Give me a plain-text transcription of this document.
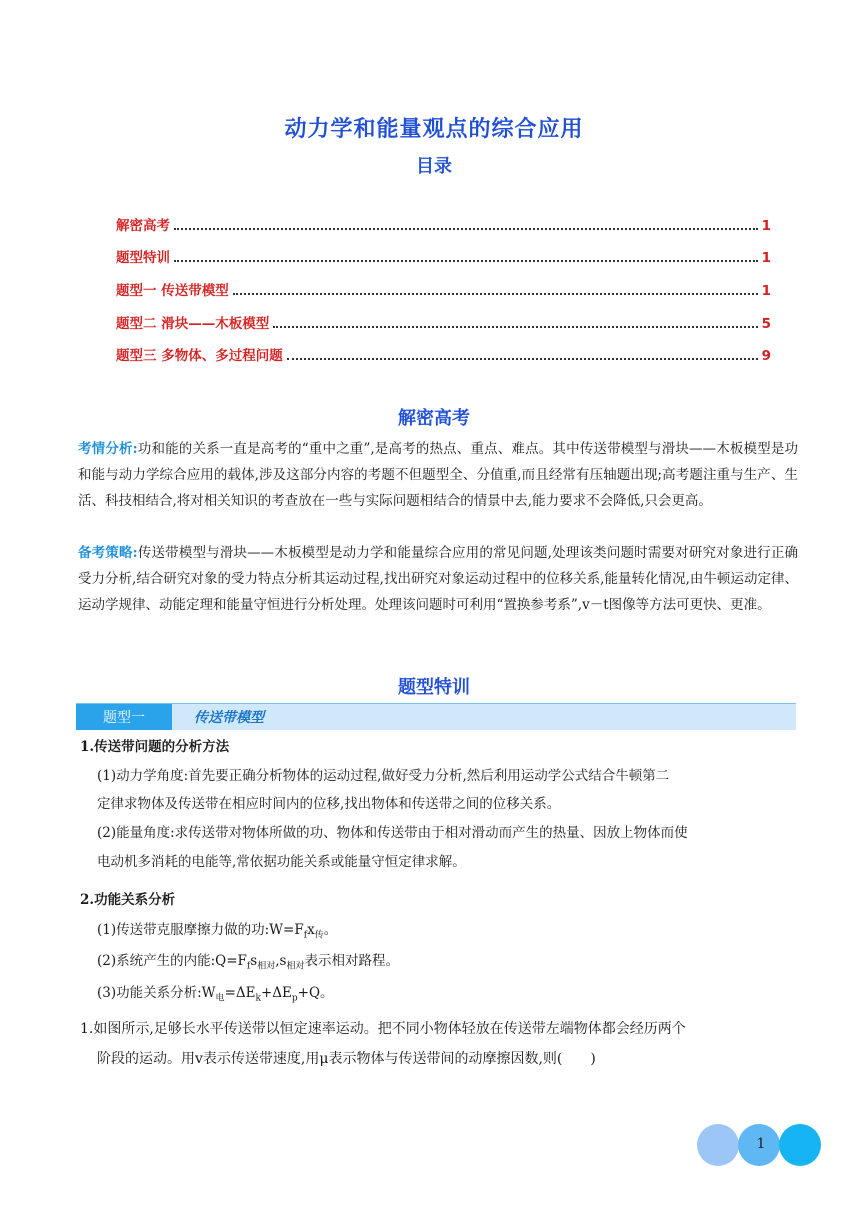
动力学和能量观点的综合应用
目录
解密高考	1
题型特训	1
题型一 传送带模型	1
题型二 滑块——木板模型	5
题型三 多物体、多过程问题	9
解密高考
考情分析:功和能的关系一直是高考的“重中之重”,是高考的热点、重点、难点。其中传送带模型与滑块——木板模型是功和能与动力学综合应用的载体,涉及这部分内容的考题不但题型全、分值重,而且经常有压轴题出现;高考题注重与生产、生活、科技相结合,将对相关知识的考查放在一些与实际问题相结合的情景中去,能力要求不会降低,只会更高。
备考策略:传送带模型与滑块——木板模型是动力学和能量综合应用的常见问题,处理该类问题时需要对研究对象进行正确受力分析,结合研究对象的受力特点分析其运动过程,找出研究对象运动过程中的位移关系,能量转化情况,由牛顿运动定律、运动学规律、动能定理和能量守恒进行分析处理。处理该问题时可利用“置换参考系”,v－t图像等方法可更快、更准。
题型特训
题型一	传送带模型
1.传送带问题的分析方法
(1)动力学角度:首先要正确分析物体的运动过程,做好受力分析,然后利用运动学公式结合牛顿第二
定律求物体及传送带在相应时间内的位移,找出物体和传送带之间的位移关系。
(2)能量角度:求传送带对物体所做的功、物体和传送带由于相对滑动而产生的热量、因放上物体而使
电动机多消耗的电能等,常依据功能关系或能量守恒定律求解。
2.功能关系分析
(1)传送带克服摩擦力做的功$:W=F_fx_传$。
(2)系统产生的内能$:Q=F_fs_{相对},s_{相对}$表示相对路程。
(3)功能关系分析$:W_电=\Delta E_k+\Delta E_p+Q$。
1.如图所示,足够长水平传送带以恒定速率运动。把不同小物体轻放在传送带左端物体都会经历两个
阶段的运动。用v表示传送带速度,用μ表示物体与传送带间的动摩擦因数,则(　　)
1
